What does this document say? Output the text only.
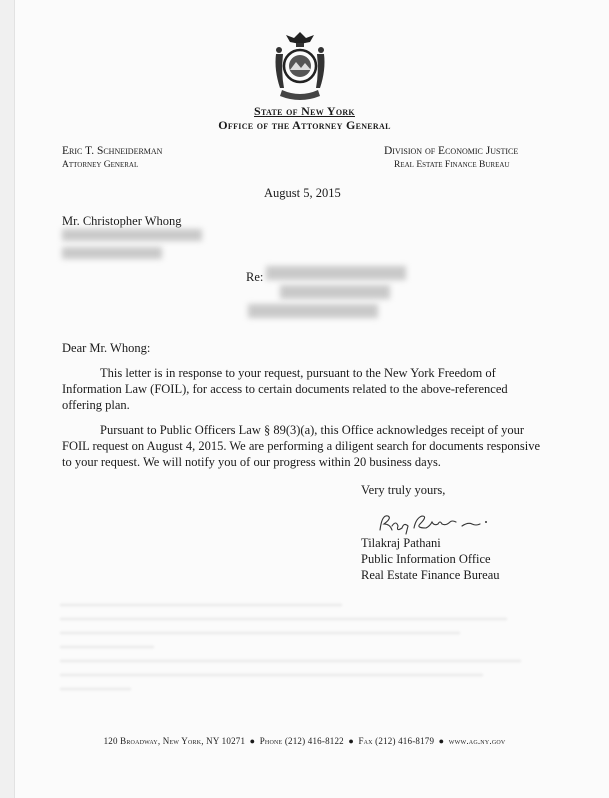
State of New York
Office of the Attorney General
Eric T. Schneiderman
Attorney General
Division of Economic Justice
Real Estate Finance Bureau
August 5, 2015
Mr. Christopher Whong
Re:
Dear Mr. Whong:
This letter is in response to your request, pursuant to the New York Freedom of
Information Law (FOIL), for access to certain documents related to the above-referenced
offering plan.
Pursuant to Public Officers Law § 89(3)(a), this Office acknowledges receipt of your
FOIL request on August 4, 2015. We are performing a diligent search for documents responsive
to your request. We will notify you of our progress within 20 business days.
Very truly yours,
Tilakraj Pathani
Public Information Office
Real Estate Finance Bureau
120 Broadway, New York, NY 10271 ● Phone (212) 416-8122 ● Fax (212) 416-8179 ● www.ag.ny.gov
